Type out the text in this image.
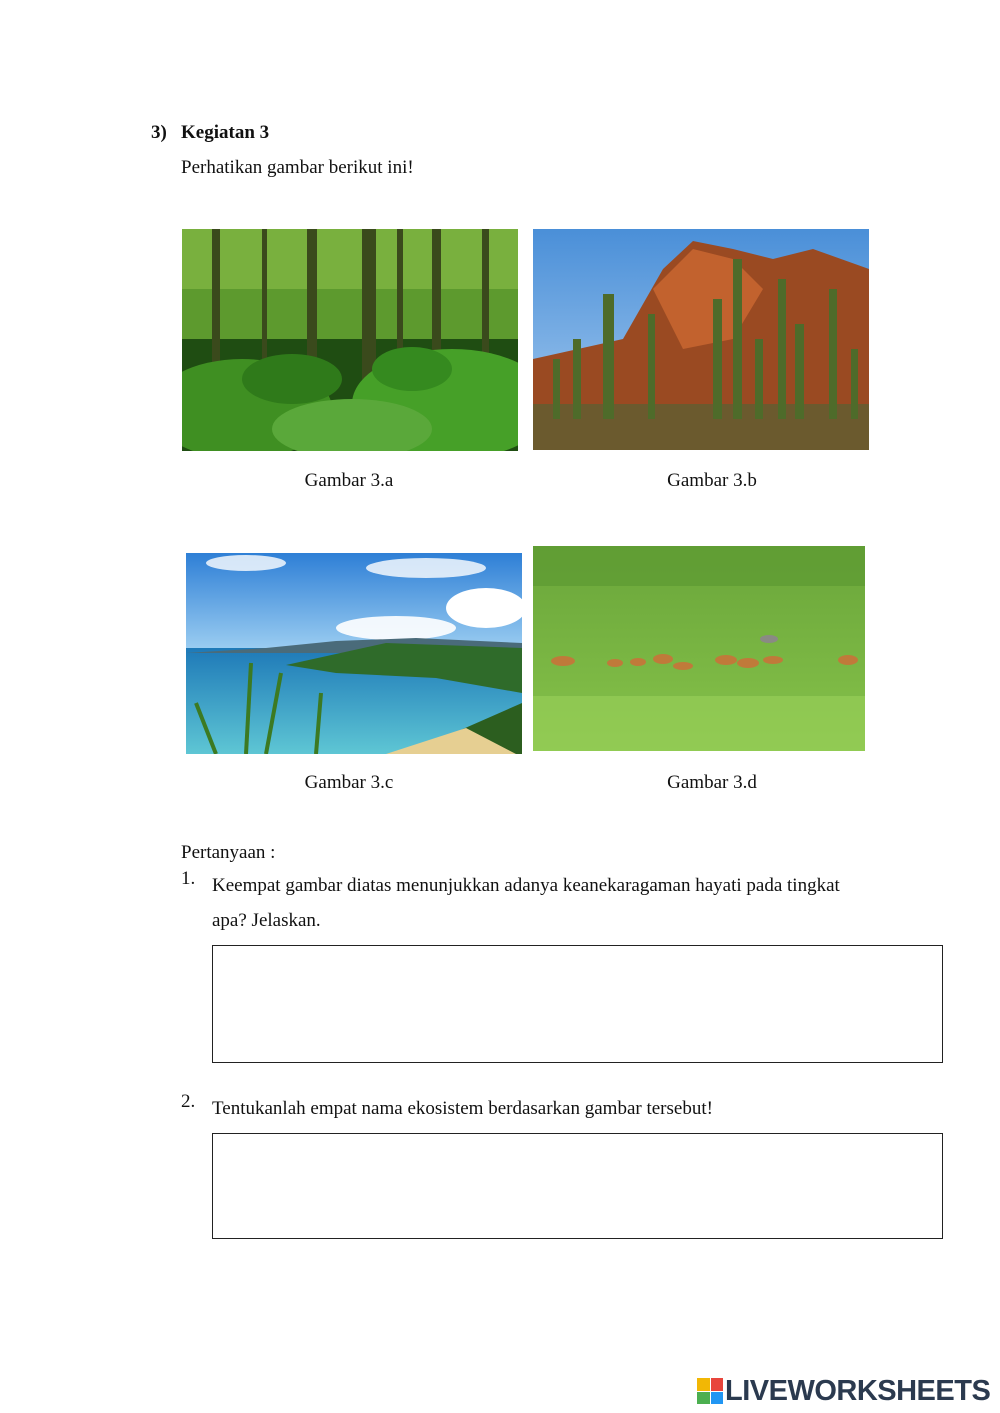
3) Kegiatan 3
Perhatikan gambar berikut ini!
Gambar 3.a	Gambar 3.b
Gambar 3.c	Gambar 3.d
Pertanyaan :
1. Keempat gambar diatas menunjukkan adanya keanekaragaman hayati pada tingkat
apa? Jelaskan.
2. Tentukanlah empat nama ekosistem berdasarkan gambar tersebut!
LIVEWORKSHEETS
